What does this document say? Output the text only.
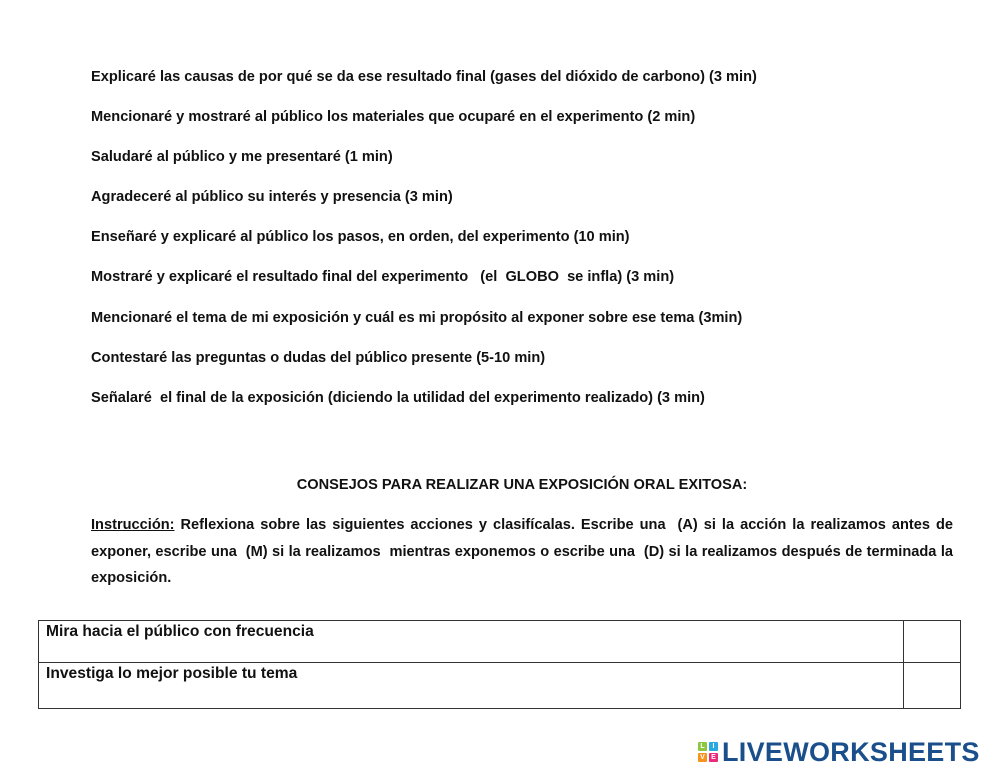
Explicaré las causas de por qué se da ese resultado final (gases del dióxido de carbono) (3 min)
Mencionaré y mostraré al público los materiales que ocuparé en el experimento (2 min)
Saludaré al público y me presentaré (1 min)
Agradeceré al público su interés y presencia (3 min)
Enseñaré y explicaré al público los pasos, en orden, del experimento (10 min)
Mostraré y explicaré el resultado final del experimento   (el  GLOBO  se infla) (3 min)
Mencionaré el tema de mi exposición y cuál es mi propósito al exponer sobre ese tema (3min)
Contestaré las preguntas o dudas del público presente (5-10 min)
Señalaré  el final de la exposición (diciendo la utilidad del experimento realizado) (3 min)
CONSEJOS PARA REALIZAR UNA EXPOSICIÓN ORAL EXITOSA:

Instrucción: Reflexiona sobre las siguientes acciones y clasifícalas. Escribe una  (A) si la acción la realizamos antes de exponer, escribe una  (M) si la realizamos  mientras exponemos o escribe una  (D) si la realizamos después de terminada la exposición.

Mira hacia el público con frecuencia	
Investiga lo mejor posible tu tema	
L	I
V E LIVEWORKSHEETS
